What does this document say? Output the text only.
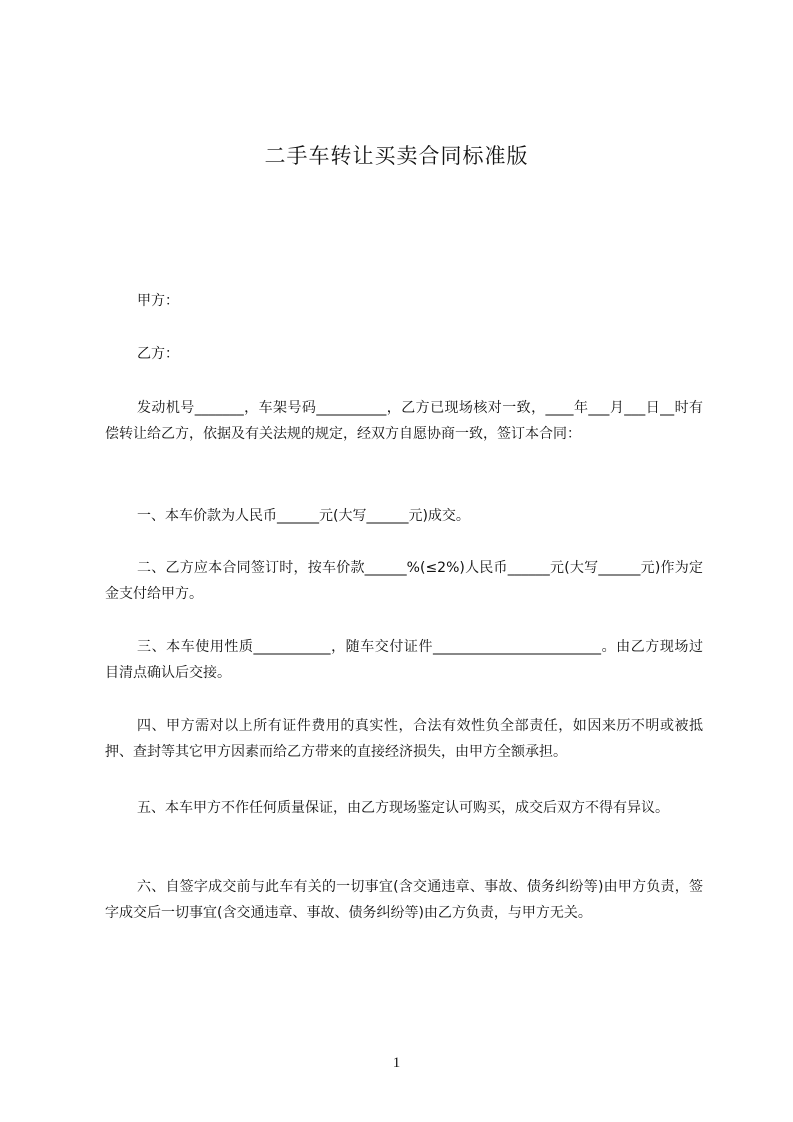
二手车转让买卖合同标准版

甲方：

乙方：

发动机号_______，车架号码__________，乙方已现场核对一致，____年___月___日__时有偿转让给乙方，依据及有关法规的规定，经双方自愿协商一致，签订本合同：

一、本车价款为人民币______元(大写______元)成交。

二、乙方应本合同签订时，按车价款______%(≤2%)人民币______元(大写______元)作为定金支付给甲方。

三、本车使用性质___________，随车交付证件________________________。由乙方现场过目清点确认后交接。

四、甲方需对以上所有证件费用的真实性，合法有效性负全部责任，如因来历不明或被抵押、查封等其它甲方因素而给乙方带来的直接经济损失，由甲方全额承担。

五、本车甲方不作任何质量保证，由乙方现场鉴定认可购买，成交后双方不得有异议。

六、自签字成交前与此车有关的一切事宜(含交通违章、事故、债务纠纷等)由甲方负责，签字成交后一切事宜(含交通违章、事故、债务纠纷等)由乙方负责，与甲方无关。

1
